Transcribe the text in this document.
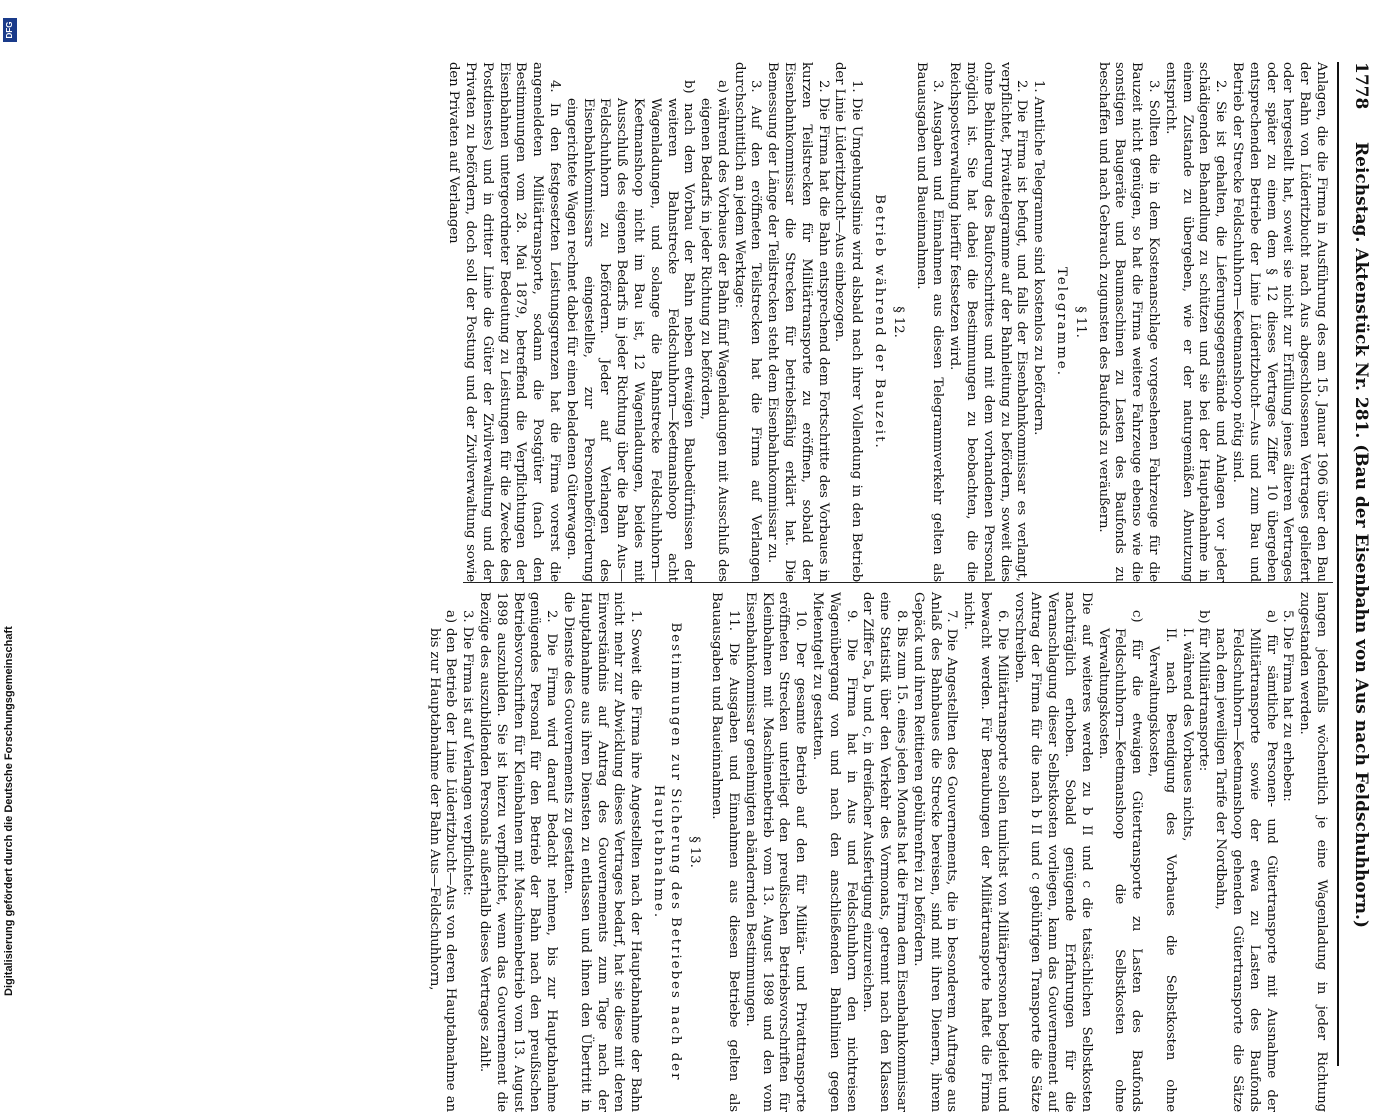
1778
Reichstag. Aktenstück Nr. 281. (Bau der Eisenbahn von Aus nach Feldschuhhorn.)

Anlagen, die die Firma in Ausführung des am 15. Januar 1906 über den Bau der Bahn von Lüderitzbucht nach Aus abgeschlossenen Vertrages geliefert oder hergestellt hat, soweit sie nicht zur Erfüllung jenes älteren Vertrages oder später zu einem dem § 12 dieses Vertrages Ziffer 10 übergeben entsprechenden Betriebe der Linie Lüderitzbucht—Aus und zum Bau und Betrieb der Strecke Feldschuhhorn—Keetmanshoop nötig sind.

2. Sie ist gehalten, die Lieferungsgegenstände und Anlagen vor jeder schädigenden Behandlung zu schützen und sie bei der Hauptabnahme in einem Zustande zu übergeben, wie er der naturgemäßen Abnutzung entspricht.

3. Sollten die in dem Kostenanschlage vorgesehenen Fahrzeuge für die Bauzeit nicht genügen, so hat die Firma weitere Fahrzeuge ebenso wie die sonstigen Baugeräte und Baumaschinen zu Lasten des Baufonds zu beschaffen und nach Gebrauch zugunsten des Baufonds zu veräußern.

§ 11.

Telegramme.

1. Amtliche Telegramme sind kostenlos zu befördern.

2. Die Firma ist befugt, und falls der Eisenbahnkommissar es verlangt, verpflichtet, Privattelegramme auf der Bahnleitung zu befördern, soweit dies ohne Behinderung des Bauforschrittes und mit dem vorhandenen Personal möglich ist. Sie hat dabei die Bestimmungen zu beobachten, die die Reichspostverwaltung hierfür festsetzen wird.

3. Ausgaben und Einnahmen aus diesen Telegrammverkehr gelten als Bauausgaben und Baueinnahmen.

§ 12.

Betrieb während der Bauzeit.

1. Die Umgehungslinie wird alsbald nach ihrer Vollendung in den Betrieb der Linie Lüderitzbucht—Aus einbezogen.

2. Die Firma hat die Bahn entsprechend dem Fortschritte des Vorbaues in kurzen Teilstrecken für Militärtransporte zu eröffnen, sobald der Eisenbahnkommissar die Strecken für betriebsfähig erklärt hat. Die Bemessung der Länge der Teilstrecken steht dem Eisenbahnkommissar zu.

3. Auf den eröffneten Teilstrecken hat die Firma auf Verlangen durchschnittlich an jedem Werktage:

a) während des Vorbaues der Bahn fünf Wagenladungen mit Ausschluß des eigenen Bedarfs in jeder Richtung zu befördern,

b) nach dem Vorbau der Bahn neben etwaigen Baubedürfnissen der weiteren Bahnstrecke Feldschuhhorn—Keetmanshoop acht Wagenladungen, und solange die Bahnstrecke Feldschuhhorn—Keetmanshoop nicht im Bau ist, 12 Wagenladungen, beides mit Ausschluß des eigenen Bedarfs in jeder Richtung über die Bahn Aus—Feldschuhhorn zu befördern. Jeder auf Verlangen des Eisenbahnkommissars eingestellte, zur Personenbeförderung eingerichtete Wagen rechnet dabei für einen beladenen Güterwagen.

4. In den festgesetzten Leistungsgrenzen hat die Firma vorerst die angemeldeten Militärtransporte, sodann die Postgüter (nach den Bestimmungen vom 28. Mai 1879, betreffend die Verpflichtungen der Eisenbahnen untergeordneter Bedeutung zu Leistungen für die Zwecke des Postdienstes) und in dritter Linie die Güter der Zivilverwaltung und der Privaten zu befördern, doch soll der Postung und der Zivilverwaltung sowie den Privaten auf Verlangen

langen jedenfalls wöchentlich je eine Wagenladung in jeder Richtung zugestanden werden.

5. Die Firma hat zu erheben:

a) für sämtliche Personen- und Gütertransporte mit Ausnahme der Militärtransporte sowie der etwa zu Lasten des Baufonds Feldschuhhorn—Keetmanshoop gehenden Gütertransporte die Sätze nach dem jeweiligen Tarife der Nordbahn,

b) für Militärtransporte:

I. während des Vorbaues nichts,

II. nach Beendigung des Vorbaues die Selbstkosten ohne Verwaltungskosten,

c) für die etwaigen Gütertransporte zu Lasten des Baufonds Feldschuhhorn—Keetmanshoop die Selbstkosten ohne Verwaltungskosten.

Die auf weiteres werden zu b II und c die tatsächlichen Selbstkosten nachträglich erhoben. Sobald genügende Erfahrungen für die Veranschlagung dieser Selbstkosten vorliegen, kann das Gouvernement auf Antrag der Firma für die nach b II und c gebührigen Transporte die Sätze vorschreiben.

6. Die Militärtransporte sollen tunlichst von Militärpersonen begleitet und bewacht werden. Für Beraubungen der Militärtransporte haftet die Firma nicht.

7. Die Angestellten des Gouvernements, die in besonderem Auftrage aus Anlaß des Bahnbaues die Strecke bereisen, sind mit ihren Dienern, ihrem Gepäck und ihren Reittieren gebührenfrei zu befördern.

8. Bis zum 15. eines jeden Monats hat die Firma dem Eisenbahnkommissar eine Statistik über den Verkehr des Vormonats, getrennt nach den Klassen der Ziffer 5a, b und c, in dreifacher Ausfertigung einzureichen.

9. Die Firma hat in Aus und Feldschuhhorn den nichtreisen Wagenübergang von und nach den anschließenden Bahnlinien gegen Mietentgelt zu gestatten.

10. Der gesamte Betrieb auf den für Militär- und Privattransporte eröffneten Strecken unterliegt den preußischen Betriebsvorschriften für Kleinbahnen mit Maschinenbetrieb vom 13. August 1898 und den vom Eisenbahnkommissar genehmigten abändernden Bestimmungen.

11. Die Ausgaben und Einnahmen aus diesen Betriebe gelten als Bauausgaben und Baueinnahmen.

§ 13.

Bestimmungen zur Sicherung des Betriebes nach der Hauptabnahme.

1. Soweit die Firma ihre Angestellten nach der Hauptabnahme der Bahn nicht mehr zur Abwicklung dieses Vertrages bedarf, hat sie diese mit deren Einverständnis auf Antrag des Gouvernements zum Tage nach der Hauptabnahme aus ihren Diensten zu entlassen und ihnen den Übertritt in die Dienste des Gouvernements zu gestatten.

2. Die Firma wird darauf Bedacht nehmen, bis zur Hauptabnahme genügendes Personal für den Betrieb der Bahn nach den preußischen Betriebsvorschriften für Kleinbahnen mit Maschinenbetrieb vom 13. August 1898 auszubilden. Sie ist hierzu verpflichtet, wenn das Gouvernement die Bezüge des auszubildenden Personals außerhalb dieses Vertrages zahlt.

3. Die Firma ist auf Verlangen verpflichtet:

a) den Betrieb der Linie Lüderitzbucht—Aus von deren Hauptabnahme an bis zur Hauptabnahme der Bahn Aus—Feldschuhhorn,

Digitalisierung gefördert durch die Deutsche Forschungsgemeinschaft
DFG
